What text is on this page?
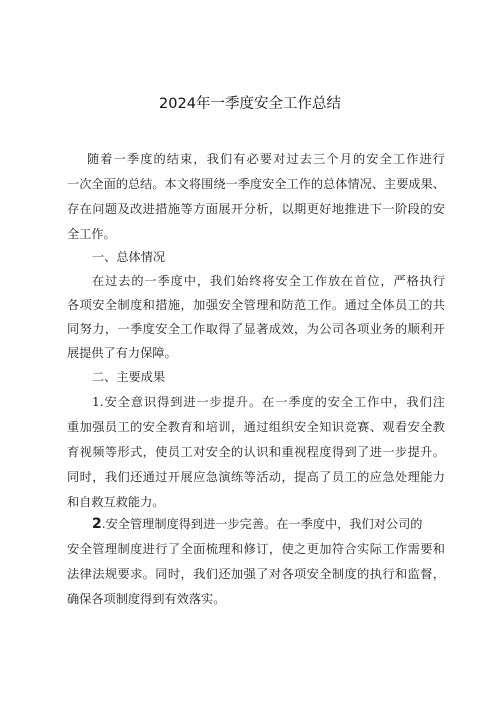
2024年一季度安全工作总结
随着一季度的结束，我们有必要对过去三个月的安全工作进行
一次全面的总结。本文将围绕一季度安全工作的总体情况、主要成果、
存在问题及改进措施等方面展开分析，以期更好地推进下一阶段的安
全工作。
一、总体情况
在过去的一季度中，我们始终将安全工作放在首位，严格执行
各项安全制度和措施，加强安全管理和防范工作。通过全体员工的共
同努力，一季度安全工作取得了显著成效，为公司各项业务的顺利开
展提供了有力保障。
二、主要成果
1.安全意识得到进一步提升。在一季度的安全工作中，我们注
重加强员工的安全教育和培训，通过组织安全知识竞赛、观看安全教
育视频等形式，使员工对安全的认识和重视程度得到了进一步提升。
同时，我们还通过开展应急演练等活动，提高了员工的应急处理能力
和自救互救能力。
2.安全管理制度得到进一步完善。在一季度中，我们对公司的
安全管理制度进行了全面梳理和修订，使之更加符合实际工作需要和
法律法规要求。同时，我们还加强了对各项安全制度的执行和监督，
确保各项制度得到有效落实。
